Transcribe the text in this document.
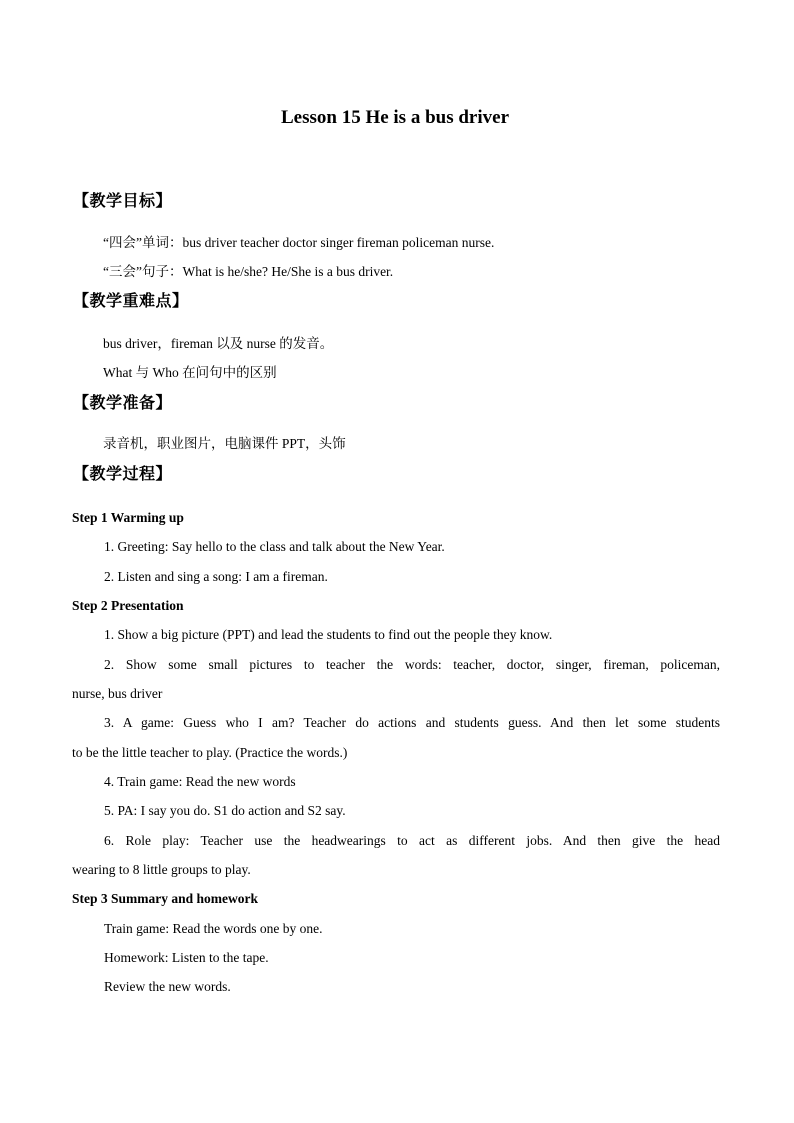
Lesson 15 He is a bus driver
【教学目标】
“四会”单词：bus driver teacher doctor singer fireman policeman nurse.
“三会”句子：What is he/she? He/She is a bus driver.
【教学重难点】
bus driver，fireman 以及 nurse 的发音。
What 与 Who 在问句中的区别
【教学准备】
录音机，职业图片，电脑课件 PPT，头饰
【教学过程】
Step 1 Warming up
1. Greeting: Say hello to the class and talk about the New Year.
2. Listen and sing a song: I am a fireman.
Step 2 Presentation
1. Show a big picture (PPT) and lead the students to find out the people they know.
2. Show some small pictures to teacher the words: teacher, doctor, singer, fireman, policeman,
nurse, bus driver
3. A game: Guess who I am? Teacher do actions and students guess. And then let some students
to be the little teacher to play. (Practice the words.)
4. Train game: Read the new words
5. PA: I say you do. S1 do action and S2 say.
6. Role play: Teacher use the headwearings to act as different jobs. And then give the head
wearing to 8 little groups to play.
Step 3 Summary and homework
Train game: Read the words one by one.
Homework: Listen to the tape.
Review the new words.
